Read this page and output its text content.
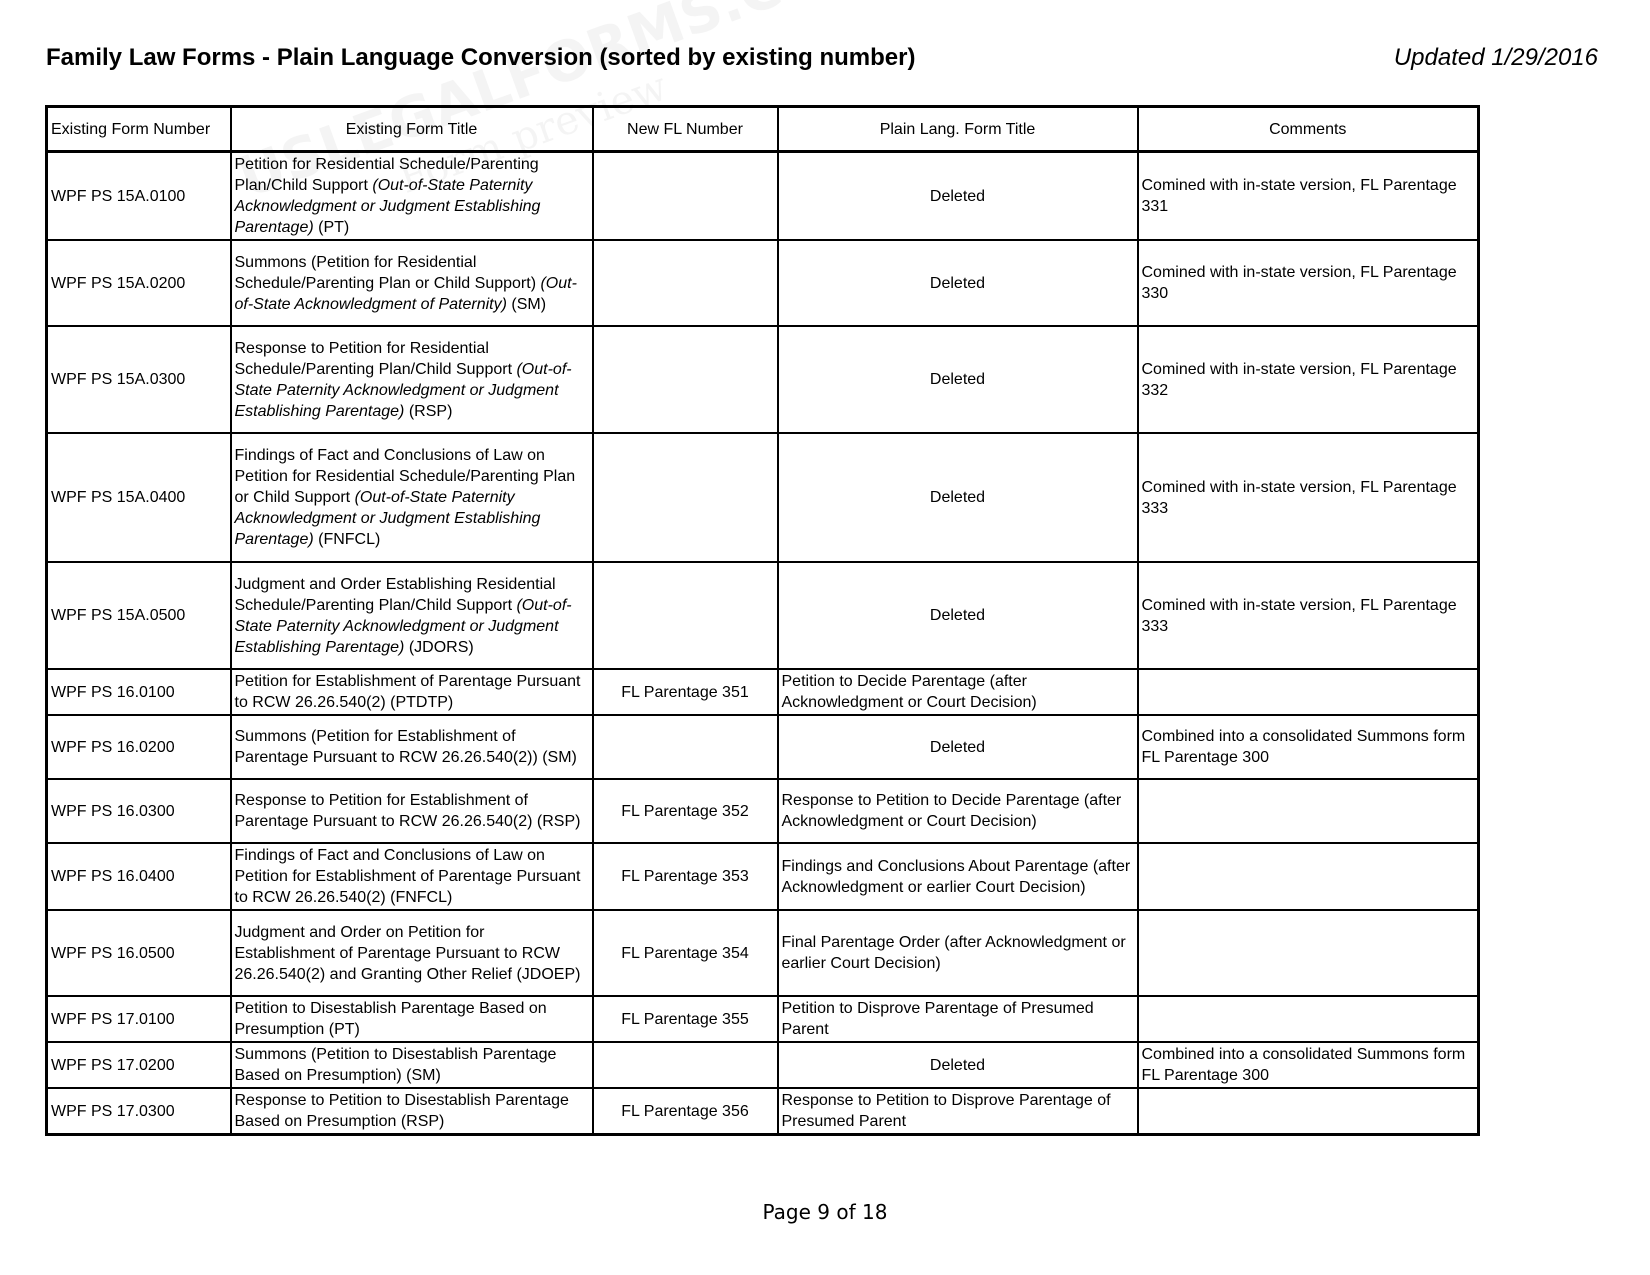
Family Law Forms - Plain Language Conversion (sorted by existing number)	Updated 1/29/2016
Existing Form Number	Existing Form Title	New FL Number	Plain Lang. Form Title	Comments
WPF PS 15A.0100	Petition for Residential Schedule/Parenting Plan/Child Support (Out-of-State Paternity Acknowledgment or Judgment Establishing Parentage) (PT)		Deleted	Comined with in-state version, FL Parentage 331
WPF PS 15A.0200	Summons (Petition for Residential Schedule/Parenting Plan or Child Support) (Out-of-State Acknowledgment of Paternity) (SM)		Deleted	Comined with in-state version, FL Parentage 330
WPF PS 15A.0300	Response to Petition for Residential Schedule/Parenting Plan/Child Support (Out-of-State Paternity Acknowledgment or Judgment Establishing Parentage) (RSP)		Deleted	Comined with in-state version, FL Parentage 332
WPF PS 15A.0400	Findings of Fact and Conclusions of Law on Petition for Residential Schedule/Parenting Plan or Child Support (Out-of-State Paternity Acknowledgment or Judgment Establishing Parentage) (FNFCL)		Deleted	Comined with in-state version, FL Parentage 333
WPF PS 15A.0500	Judgment and Order Establishing Residential Schedule/Parenting Plan/Child Support (Out-of-State Paternity Acknowledgment or Judgment Establishing Parentage) (JDORS)		Deleted	Comined with in-state version, FL Parentage 333
WPF PS 16.0100	Petition for Establishment of Parentage Pursuant to RCW 26.26.540(2) (PTDTP)	FL Parentage 351	Petition to Decide Parentage (after Acknowledgment or Court Decision)	
WPF PS 16.0200	Summons (Petition for Establishment of Parentage Pursuant to RCW 26.26.540(2)) (SM)		Deleted	Combined into a consolidated Summons form FL Parentage 300
WPF PS 16.0300	Response to Petition for Establishment of Parentage Pursuant to RCW 26.26.540(2) (RSP)	FL Parentage 352	Response to Petition to Decide Parentage (after Acknowledgment or Court Decision)	
WPF PS 16.0400	Findings of Fact and Conclusions of Law on Petition for Establishment of Parentage Pursuant to RCW 26.26.540(2) (FNFCL)	FL Parentage 353	Findings and Conclusions About Parentage (after Acknowledgment or earlier Court Decision)	
WPF PS 16.0500	Judgment and Order on Petition for Establishment of Parentage Pursuant to RCW 26.26.540(2) and Granting Other Relief (JDOEP)	FL Parentage 354	Final Parentage Order (after Acknowledgment or earlier Court Decision)	
WPF PS 17.0100	Petition to Disestablish Parentage Based on Presumption (PT)	FL Parentage 355	Petition to Disprove Parentage of Presumed Parent	
WPF PS 17.0200	Summons (Petition to Disestablish Parentage Based on Presumption) (SM)		Deleted	Combined into a consolidated Summons form FL Parentage 300
WPF PS 17.0300	Response to Petition to Disestablish Parentage Based on Presumption (RSP)	FL Parentage 356	Response to Petition to Disprove Parentage of Presumed Parent	
Page 9 of 18
